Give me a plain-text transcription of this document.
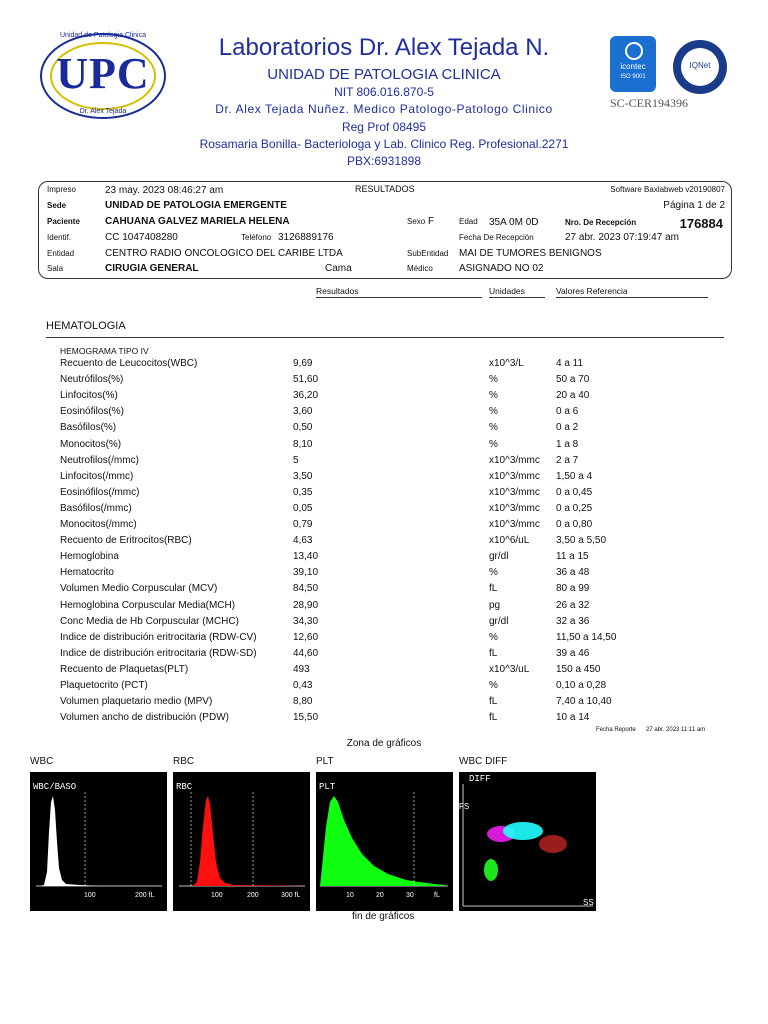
UPC
Unidad de Patologia Clinica
Dr. Alex Tejada
Laboratorios Dr. Alex Tejada N.
UNIDAD DE PATOLOGIA CLINICA
NIT 806.016.870-5
Dr. Alex Tejada Nuñez. Medico Patologo-Patologo Clinico
Reg Prof 08495
Rosamaria Bonilla- Bacteriologa y Lab. Clinico Reg. Profesional.2271
PBX:6931898
icontec
ISO 9001
IQNet
SC-CER194396
Impreso	23 may. 2023 08:46:27 am	RESULTADOS	Software Baxlabweb v20190807
Sede	UNIDAD DE PATOLOGIA EMERGENTE	Página 1 de 2
Paciente	CAHUANA GALVEZ MARIELA HELENA	Sexo F	Edad 35A 0M 0D	Nro. De Recepción	176884
Identif.	CC 1047408280	Teléfono 3126889176	Fecha De Recepción	27 abr. 2023 07:19:47 am
Entidad	CENTRO RADIO ONCOLOGICO DEL CARIBE LTDA	SubEntidad MAI DE TUMORES BENIGNOS
Sala	CIRUGIA GENERAL	Cama	Médico	ASIGNADO NO 02
Resultados	Unidades	Valores Referencia
HEMATOLOGIA
HEMOGRAMA TIPO IV
Recuento de Leucocitos(WBC)	9,69	x10^3/L	4 a 11
Neutrófilos(%)	51,60	%	50 a 70
Linfocitos(%)	36,20	%	20 a 40
Eosinófilos(%)	3,60	%	0 a 6
Basófilos(%)	0,50	%	0 a 2
Monocitos(%)	8,10	%	1 a 8
Neutrofilos(/mmc)	5	x10^3/mmc 2 a 7
Linfocitos(/mmc)	3,50	x10^3/mmc 1,50 a 4
Eosinófilos(/mmc)	0,35	x10^3/mmc 0 a 0,45
Basófilos(/mmc)	0,05	x10^3/mmc 0 a 0,25
Monocitos(/mmc)	0,79	x10^3/mmc 0 a 0,80
Recuento de Eritrocitos(RBC)	4,63	x10^6/uL	3,50 a 5,50
Hemoglobina	13,40	gr/dl	11 a 15
Hematocrito	39,10	%	36 a 48
Volumen Medio Corpuscular (MCV)	84,50	fL	80 a 99
Hemoglobina Corpuscular Media(MCH)	28,90	pg	26 a 32
Conc Media de Hb Corpuscular (MCHC)	34,30	gr/dl	32 a 36
Indice de distribución eritrocitaria (RDW-CV)	12,60	%	11,50 a 14,50
Indice de distribución eritrocitaria (RDW-SD)	44,60	fL	39 a 46
Recuento de Plaquetas(PLT)	493	x10^3/uL	150 a 450
Plaquetocrito (PCT)	0,43	%	0,10 a 0,28
Volumen plaquetario medio (MPV)	8,80	fL	7,40 a 10,40
Volumen ancho de distribución (PDW)	15,50	fL	10 a 14
Fecha Reporte 27 abr. 2023 11:11 am
Zona de gráficos
WBC	RBC	PLT	WBC DIFF
WBC/BASO
100	200 fL
RBC
100	200	300 fL
PLT
10	20	30	fL
DIFF
FS
SS
fin de gráficos
